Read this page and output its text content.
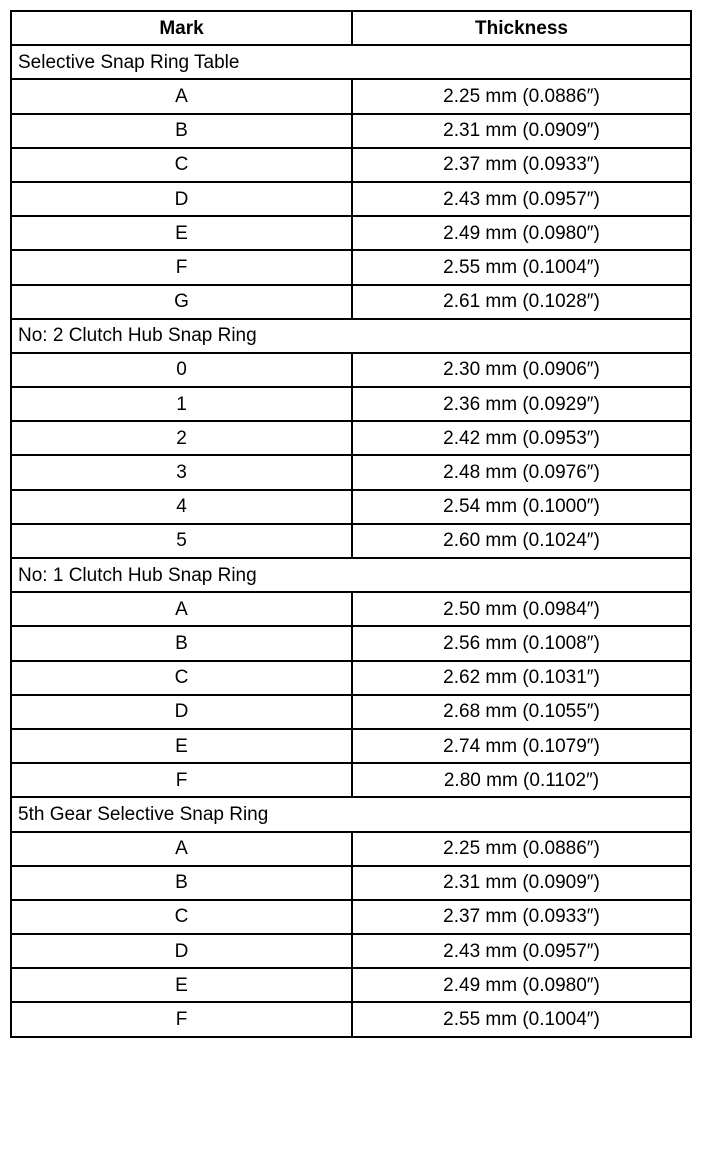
Mark	Thickness
Selective Snap Ring Table	
A	2.25 mm (0.0886″)
B	2.31 mm (0.0909″)
C	2.37 mm (0.0933″)
D	2.43 mm (0.0957″)
E	2.49 mm (0.0980″)
F	2.55 mm (0.1004″)
G	2.61 mm (0.1028″)
No: 2 Clutch Hub Snap Ring	
0	2.30 mm (0.0906″)
1	2.36 mm (0.0929″)
2	2.42 mm (0.0953″)
3	2.48 mm (0.0976″)
4	2.54 mm (0.1000″)
5	2.60 mm (0.1024″)
No: 1 Clutch Hub Snap Ring	
A	2.50 mm (0.0984″)
B	2.56 mm (0.1008″)
C	2.62 mm (0.1031″)
D	2.68 mm (0.1055″)
E	2.74 mm (0.1079″)
F	2.80 mm (0.1102″)
5th Gear Selective Snap Ring	
A	2.25 mm (0.0886″)
B	2.31 mm (0.0909″)
C	2.37 mm (0.0933″)
D	2.43 mm (0.0957″)
E	2.49 mm (0.0980″)
F	2.55 mm (0.1004″)
